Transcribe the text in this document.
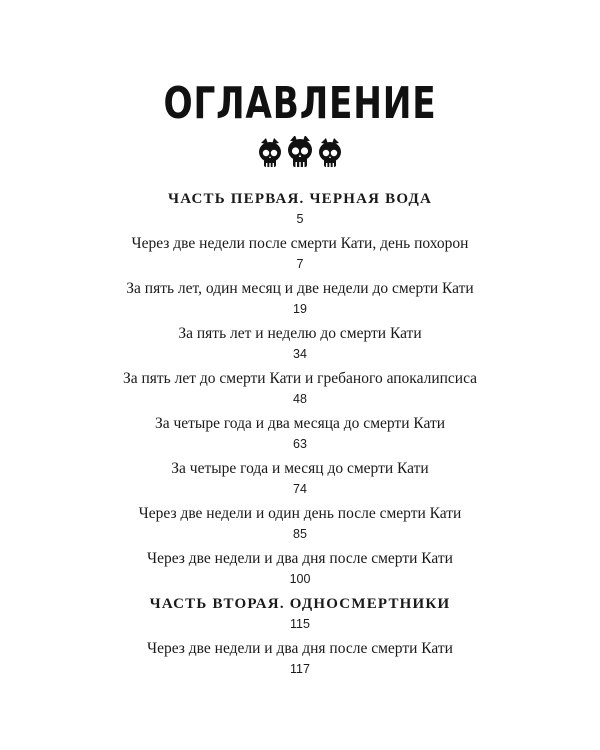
ОГЛАВЛЕНИЕ
ЧАСТЬ ПЕРВАЯ. ЧЕРНАЯ ВОДА
5
Через две недели после смерти Кати, день похорон
7
За пять лет, один месяц и две недели до смерти Кати
19
За пять лет и неделю до смерти Кати
34
За пять лет до смерти Кати и гребаного апокалипсиса
48
За четыре года и два месяца до смерти Кати
63
За четыре года и месяц до смерти Кати
74
Через две недели и один день после смерти Кати
85
Через две недели и два дня после смерти Кати
100
ЧАСТЬ ВТОРАЯ. ОДНОСМЕРТНИКИ
115
Через две недели и два дня после смерти Кати
117
